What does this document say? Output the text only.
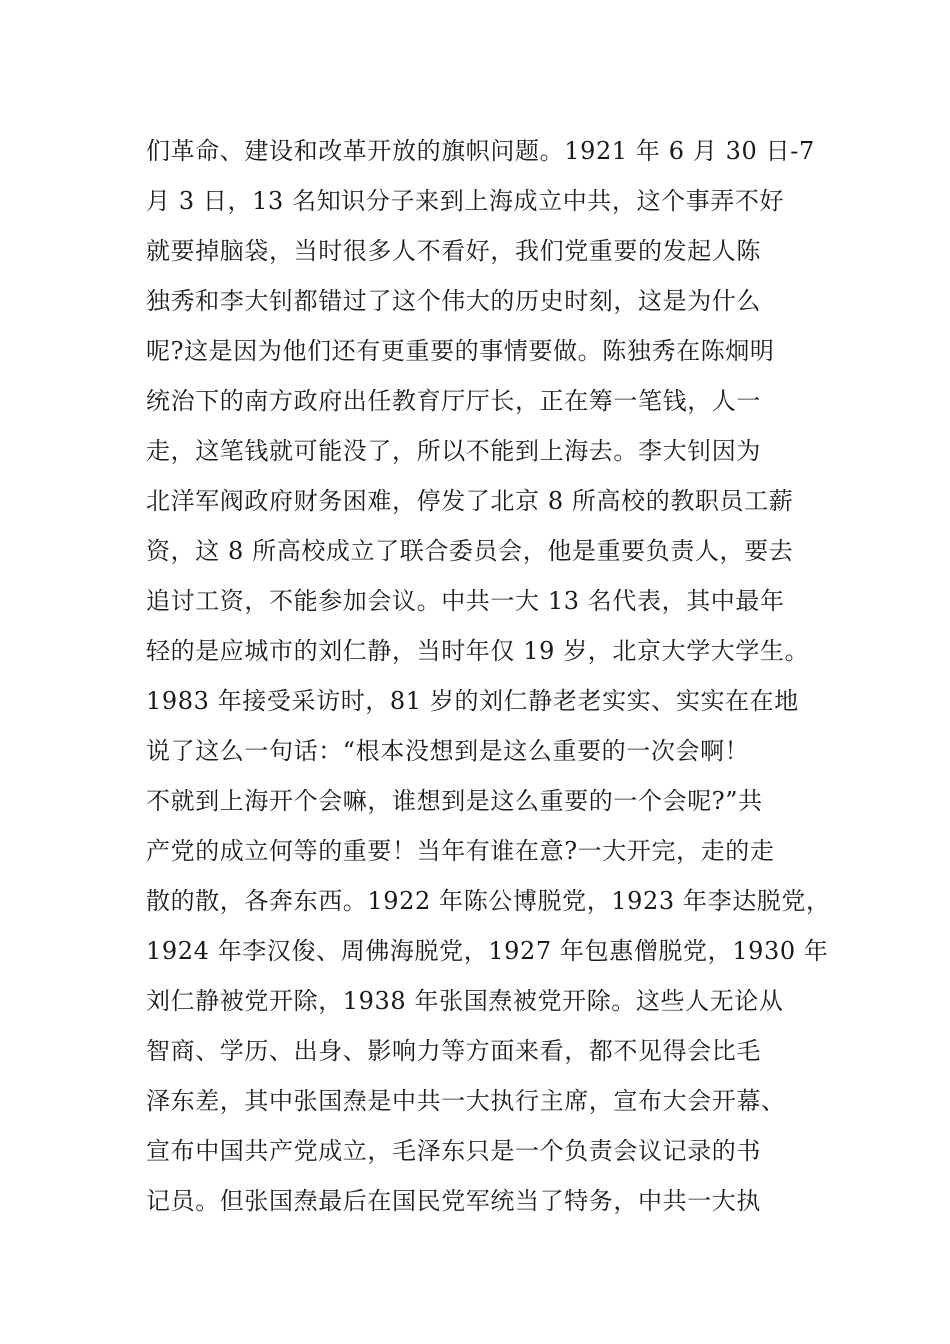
们革命、建设和改革开放的旗帜问题。1921 年 6 月 30 日-7
月 3 日，13 名知识分子来到上海成立中共，这个事弄不好
就要掉脑袋，当时很多人不看好，我们党重要的发起人陈
独秀和李大钊都错过了这个伟大的历史时刻，这是为什么
呢?这是因为他们还有更重要的事情要做。陈独秀在陈炯明
统治下的南方政府出任教育厅厅长，正在筹一笔钱，人一
走，这笔钱就可能没了，所以不能到上海去。李大钊因为
北洋军阀政府财务困难，停发了北京 8 所高校的教职员工薪
资，这 8 所高校成立了联合委员会，他是重要负责人，要去
追讨工资，不能参加会议。中共一大 13 名代表，其中最年
轻的是应城市的刘仁静，当时年仅 19 岁，北京大学大学生。
1983 年接受采访时，81 岁的刘仁静老老实实、实实在在地
说了这么一句话：“根本没想到是这么重要的一次会啊！
不就到上海开个会嘛，谁想到是这么重要的一个会呢?”共
产党的成立何等的重要！当年有谁在意?一大开完，走的走
散的散，各奔东西。1922 年陈公博脱党，1923 年李达脱党，
1924 年李汉俊、周佛海脱党，1927 年包惠僧脱党，1930 年
刘仁静被党开除，1938 年张国焘被党开除。这些人无论从
智商、学历、出身、影响力等方面来看，都不见得会比毛
泽东差，其中张国焘是中共一大执行主席，宣布大会开幕、
宣布中国共产党成立，毛泽东只是一个负责会议记录的书
记员。但张国焘最后在国民党军统当了特务，中共一大执
